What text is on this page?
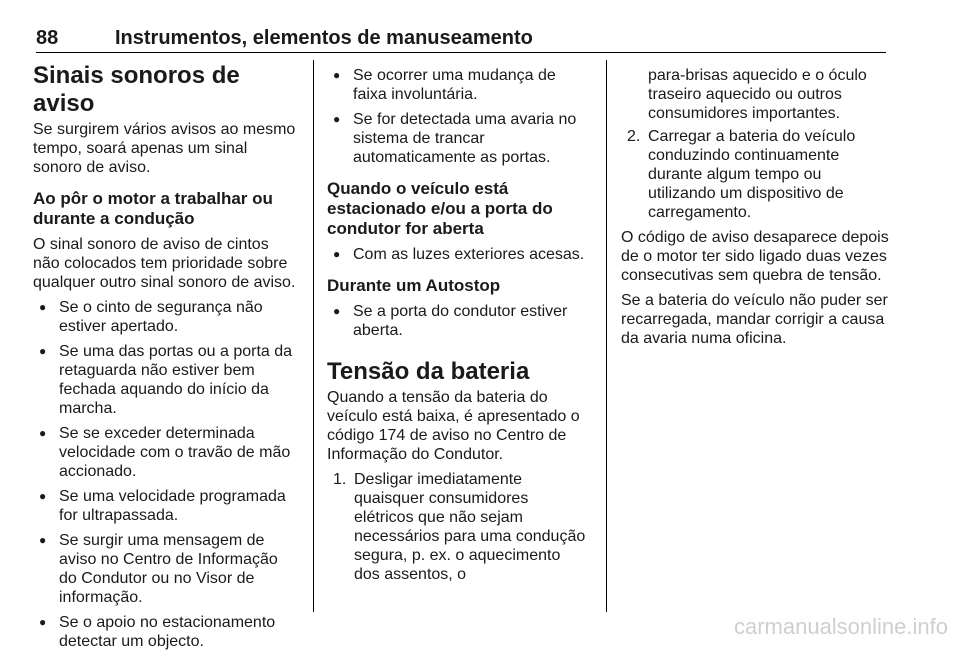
88	Instrumentos, elementos de manuseamento
Sinais sonoros de aviso

Se surgirem vários avisos ao mesmo tempo, soará apenas um sinal sonoro de aviso.

Ao pôr o motor a trabalhar ou durante a condução

O sinal sonoro de aviso de cintos não colocados tem prioridade sobre qualquer outro sinal sonoro de aviso.

● Se o cinto de segurança não estiver apertado.
● Se uma das portas ou a porta da retaguarda não estiver bem fechada aquando do início da marcha.
● Se se exceder determinada velocidade com o travão de mão accionado.
● Se uma velocidade programada for ultrapassada.
● Se surgir uma mensagem de aviso no Centro de Informação do Condutor ou no Visor de informação.
● Se o apoio no estacionamento detectar um objecto.
● Se ocorrer uma mudança de faixa involuntária.
● Se for detectada uma avaria no sistema de trancar automaticamente as portas.
Quando o veículo está estacionado e/ou a porta do condutor for aberta
● Com as luzes exteriores acesas.
Durante um Autostop
● Se a porta do condutor estiver aberta.
Tensão da bateria

Quando a tensão da bateria do veículo está baixa, é apresentado o código 174 de aviso no Centro de Informação do Condutor.

1. Desligar imediatamente quaisquer consumidores elétricos que não sejam necessários para uma condução segura, p. ex. o aquecimento dos assentos, o
para-brisas aquecido e o óculo traseiro aquecido ou outros consumidores importantes.
2. Carregar a bateria do veículo conduzindo continuamente durante algum tempo ou utilizando um dispositivo de carregamento.

O código de aviso desaparece depois de o motor ter sido ligado duas vezes consecutivas sem quebra de tensão.

Se a bateria do veículo não puder ser recarregada, mandar corrigir a causa da avaria numa oficina.

carmanualsonline.info
